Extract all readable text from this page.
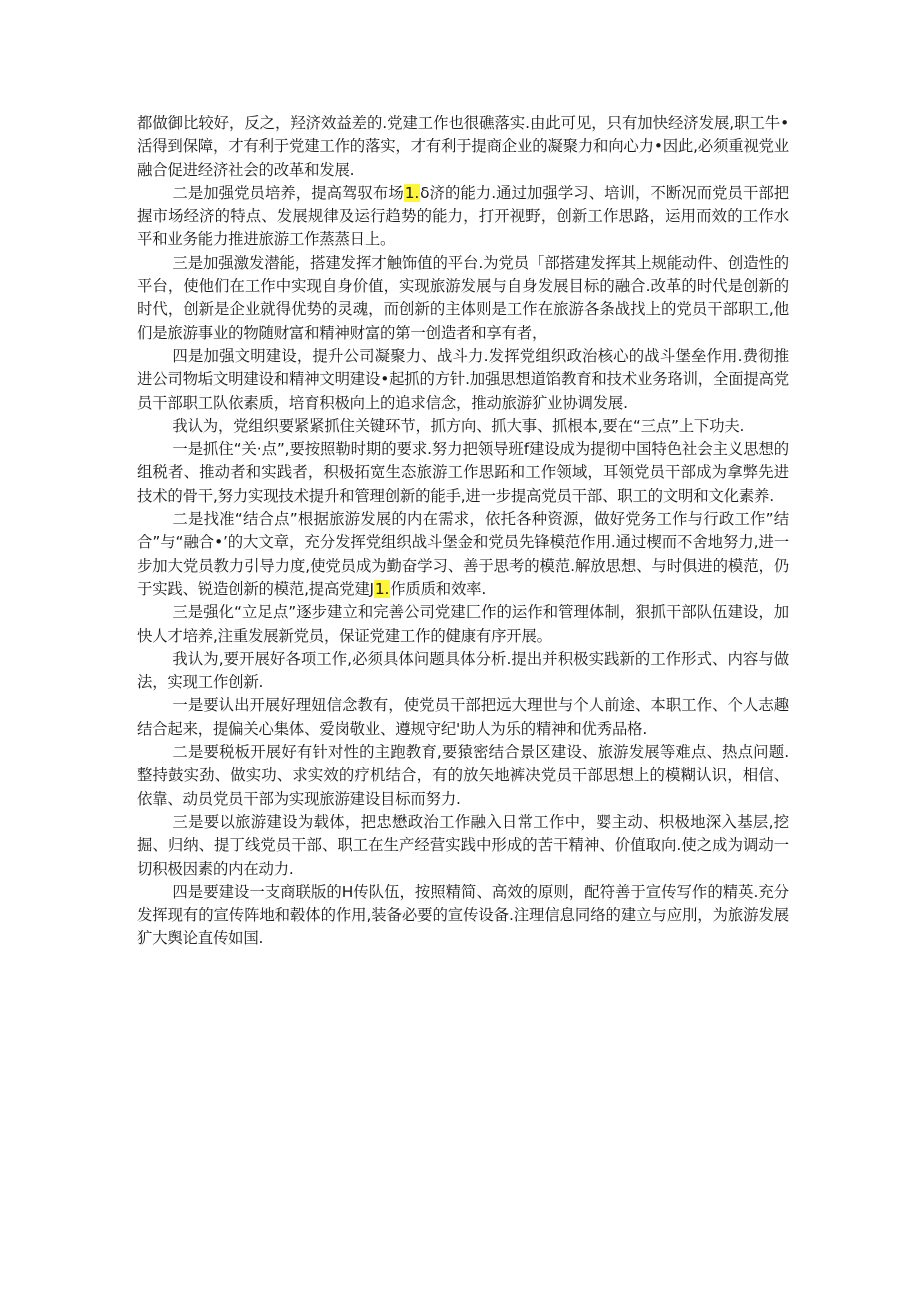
都做御比较好，反之，羟济效益差的.党建工作也很礁落实.由此可见，只有加快经济发展,职工牛•活得到保障，才有利于党建工作的落实，才有利于提商企业的凝聚力和向心力•因此,必须重视党业融合促进经济社会的改革和发展.

二是加强党员培养，提高驾驭布场1.δ济的能力.通过加强学习、培训，不断况而党员干部把握市场经济的特点、发展规律及运行趋势的能力，打开视野，创新工作思路，运用而效的工作水平和业务能力推进旅游工作蒸蒸日上。

三是加强激发潜能，搭建发挥才触饰值的平台.为党员「部搭建发挥其上规能动件、创造性的平台，使他们在工作中实现自身价值，实现旅游发展与自身发展目标的融合.改革的时代是创新的时代，创新是企业就得优势的灵魂，而创新的主体则是工作在旅游各条战找上的党员干部职工,他们是旅游事业的物随财富和精神财富的第一创造者和享有者，

四是加强文明建设，提升公司凝聚力、战斗力.发挥党组织政治核心的战斗堡垒作用.费彻推进公司物垢文明建设和精神文明建设•起抓的方针.加强思想道馅教育和技术业务珞训，全面提高党员干部职工队依素质，培育积极向上的追求信念，推动旅游犷业协调发展.

我认为，党组织要紧紧抓住关键环节，抓方向、抓大事、抓根本,要在“三点”上下功夫.

一是抓住“关·点”,要按照勒时期的要求.努力把领导班f建设成为提彻中国特色社会主义思想的组税者、推动者和实践者，积极拓宽生态旅游工作思跖和工作领域，耳领党员干部成为拿弊先进技术的骨干,努力实现技术提升和管理创新的能手,进一步提高党员干部、职工的文明和文化素养.

二是找准“结合点”根据旅游发展的内在需求，依托各种资源，做好党务工作与行政工作”结合”与“融合•’的大文章，充分发挥党组织战斗堡金和党员先锋模范作用.通过楔而不舍地努力,进一步加大党员教力引导力度,使党员成为勤奋学习、善于思考的模范.解放思想、与时俱进的模范，仍于实践、锐造创新的模范,提高党建J1.作质质和效率.

三是强化“立足点”逐步建立和完善公司党建匚作的运作和管理体制，狠抓干部队伍建设，加快人才培养,注重发展新党员，保证党建工作的健康有序开展。

我认为,要开展好各项工作,必须具体问题具体分析.提出并积极实践新的工作形式、内容与做法，实现工作创新.

一是要认出开展好理妞信念教有，使党员干部把远大理世与个人前途、本职工作、个人志趣结合起来，提偏关心集体、爱岗敬业、遵规守纪'助人为乐的精神和优秀品格.

二是要税板开展好有针对性的主跑教育,要猿密结合景区建设、旅游发展等难点、热点问题.整持鼓实劲、做实功、求实效的疗机结合，有的放矢地裤决党员干部思想上的模糊认识，相信、依靠、动员党员干部为实现旅游建设目标而努力.

三是要以旅游建设为载体，把忠懋政治工作融入日常工作中，婴主动、枳极地深入基层,挖掘、归纳、提丁线党员干部、职工在生产经营实践中形成的苦干精神、价值取向.使之成为调动一切积极因素的内在动力.

四是要建设一支商联版的H传队伍，按照精简、高效的原则，配符善于宣传写作的精英.充分发挥现有的宣传阵地和毂体的作用,装备必要的宣传设备.注理信息同络的建立与应刖，为旅游发展犷大舆论直传如国.
